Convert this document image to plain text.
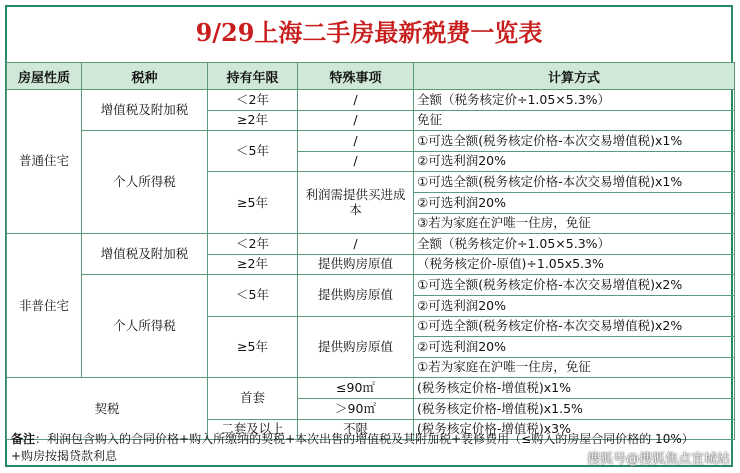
9/29上海二手房最新税费一览表
房屋性质	税种	持有年限	特殊事项	计算方式
普通住宅	增值税及附加税	＜2年	/	全额（税务核定价÷1.05×5.3%）
		≥2年	/	免征
	个人所得税	＜5年	/	①可选全额(税务核定价格-本次交易增值税)x1%
			/	②可选利润20%
		≥5年	利润需提供买进成本	①可选全额(税务核定价格-本次交易增值税)x1%
				②可选利润20%
				③若为家庭在沪唯一住房，免征
非普住宅	增值税及附加税	＜2年	/	全额（税务核定价÷1.05×5.3%）
		≥2年	提供购房原值	（税务核定价-原值)÷1.05x5.3%
	个人所得税	＜5年	提供购房原值	①可选全额(税务核定价格-本次交易增值税)x2%
				②可选利润20%
		≥5年	提供购房原值	①可选全额(税务核定价格-本次交易增值税)x2%
				②可选利润20%
				①若为家庭在沪唯一住房，免征
契税		首套	≤90㎡	(税务核定价格-增值税)x1%
			＞90㎡	(税务核定价格-增值税)x1.5%
		二套及以上	不限	(税务核定价格-增值税)x3%
备注：利润包含购入的合同价格+购入所缴纳的契税+本次出售的增值税及其附加税+装修费用（≤购入的房屋合同价格的 10%）
+购房按揭贷款利息	搜狐号@搜狐焦点宣城站
